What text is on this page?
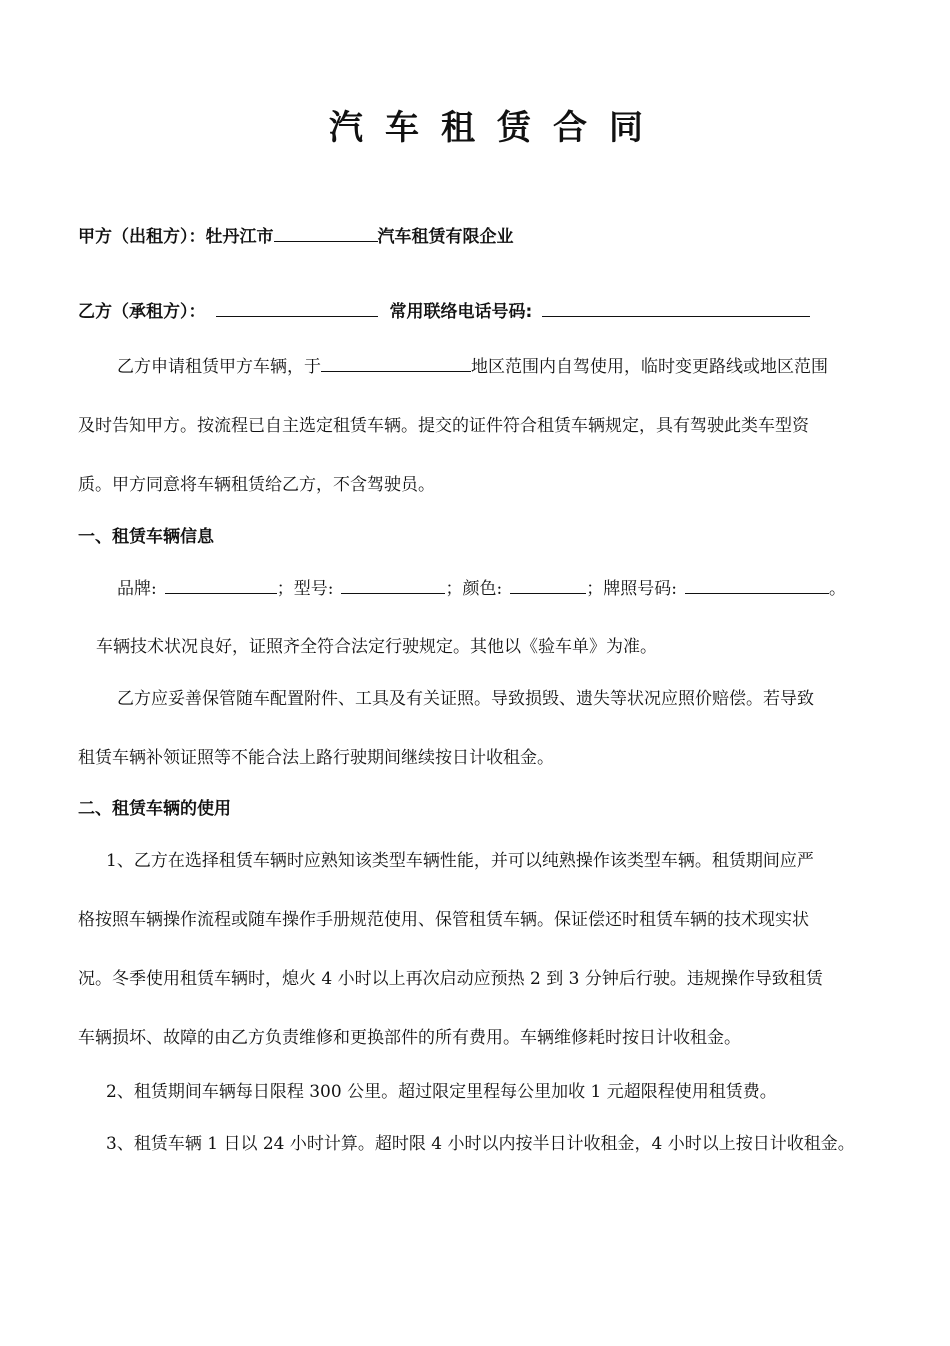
汽车租赁合同
甲方（出租方）：牡丹江市	汽车租赁有限企业
乙方（承租方）：	常用联络电话号码:
乙方申请租赁甲方车辆，于	地区范围内自驾使用，临时变更路线或地区范围
及时告知甲方。按流程已自主选定租赁车辆。提交的证件符合租赁车辆规定，具有驾驶此类车型资
质。甲方同意将车辆租赁给乙方，不含驾驶员。
一、租赁车辆信息
品牌:	；型号:	；颜色:	；牌照号码:	。
车辆技术状况良好，证照齐全符合法定行驶规定。其他以《验车单》为准。
乙方应妥善保管随车配置附件、工具及有关证照。导致损毁、遗失等状况应照价赔偿。若导致
租赁车辆补领证照等不能合法上路行驶期间继续按日计收租金。
二、租赁车辆的使用
1、乙方在选择租赁车辆时应熟知该类型车辆性能，并可以纯熟操作该类型车辆。租赁期间应严
格按照车辆操作流程或随车操作手册规范使用、保管租赁车辆。保证偿还时租赁车辆的技术现实状
况。冬季使用租赁车辆时，熄火 4 小时以上再次启动应预热 2 到 3 分钟后行驶。违规操作导致租赁
车辆损坏、故障的由乙方负责维修和更换部件的所有费用。车辆维修耗时按日计收租金。
2、租赁期间车辆每日限程 300 公里。超过限定里程每公里加收 1 元超限程使用租赁费。
3、租赁车辆 1 日以 24 小时计算。超时限 4 小时以内按半日计收租金，4 小时以上按日计收租金。
